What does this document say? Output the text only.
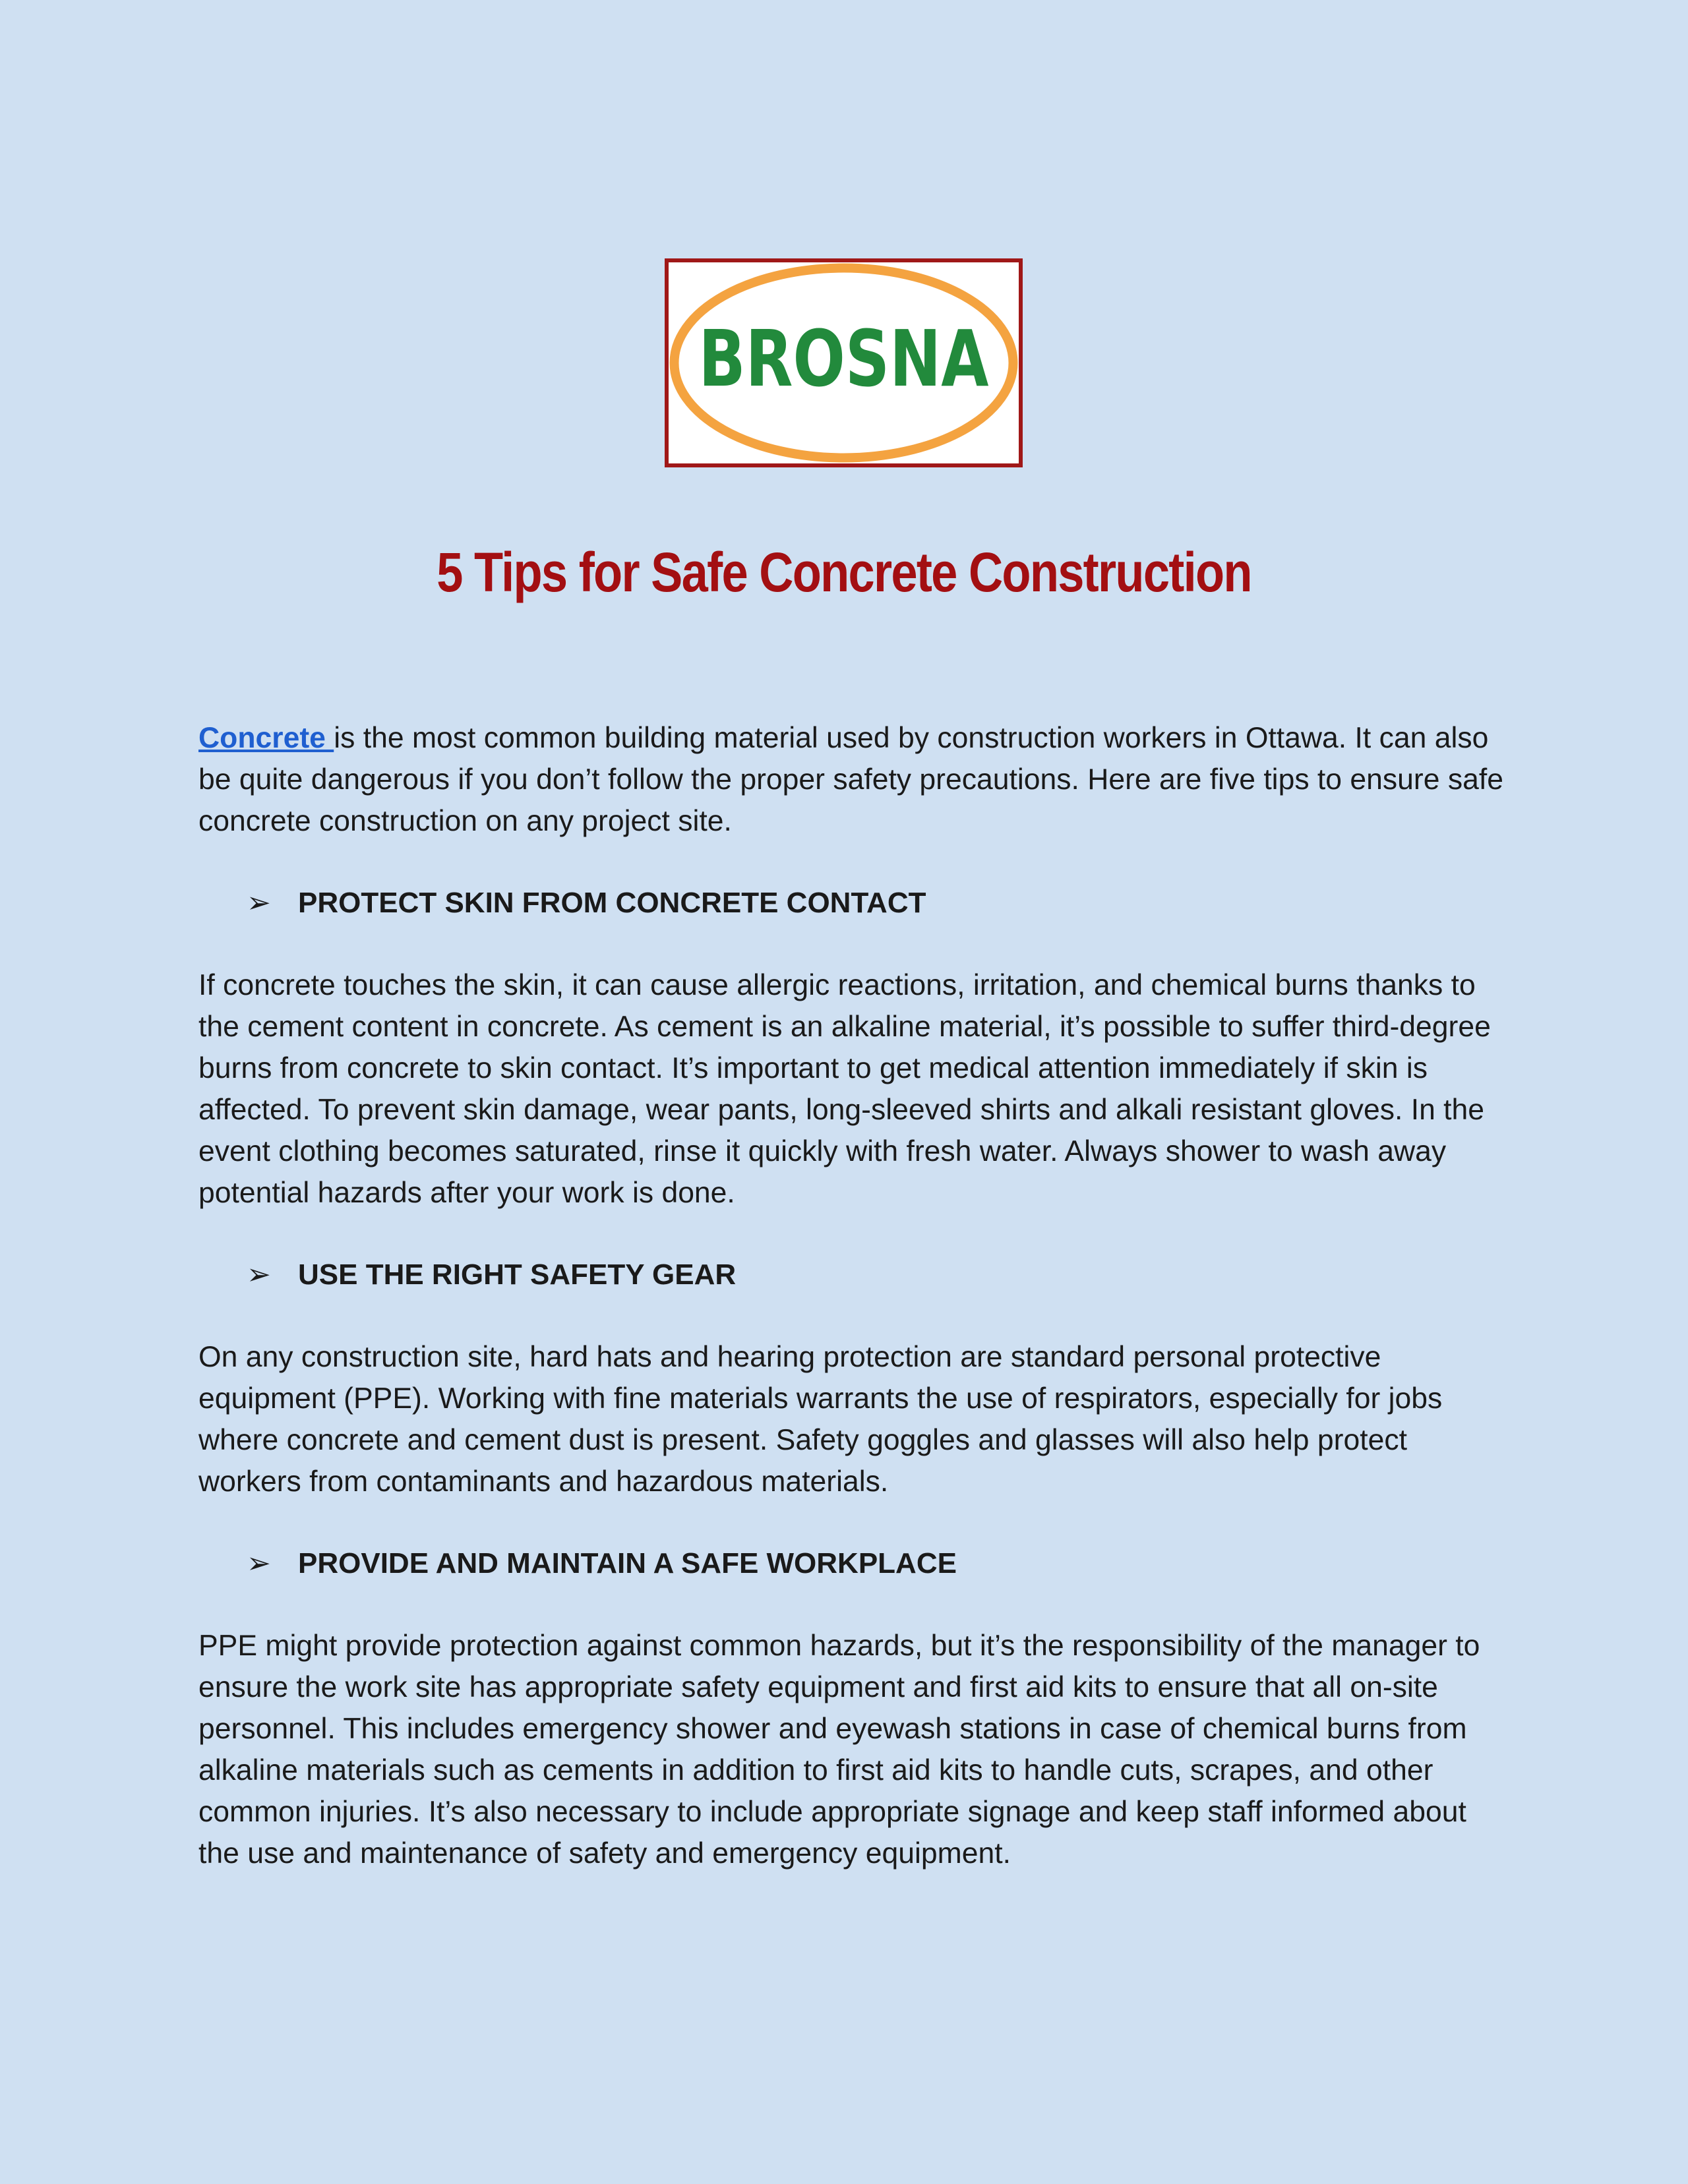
BROSNA
5 Tips for Safe Concrete Construction

Concrete is the most common building material used by construction workers in Ottawa. It can also be quite dangerous if you don’t follow the proper safety precautions. Here are five tips to ensure safe concrete construction on any project site.

➢ PROTECT SKIN FROM CONCRETE CONTACT

If concrete touches the skin, it can cause allergic reactions, irritation, and chemical burns thanks to the cement content in concrete. As cement is an alkaline material, it’s possible to suffer third-degree burns from concrete to skin contact. It’s important to get medical attention immediately if skin is affected. To prevent skin damage, wear pants, long-sleeved shirts and alkali resistant gloves. In the event clothing becomes saturated, rinse it quickly with fresh water. Always shower to wash away potential hazards after your work is done.

➢ USE THE RIGHT SAFETY GEAR

On any construction site, hard hats and hearing protection are standard personal protective equipment (PPE). Working with fine materials warrants the use of respirators, especially for jobs where concrete and cement dust is present. Safety goggles and glasses will also help protect workers from contaminants and hazardous materials.

➢ PROVIDE AND MAINTAIN A SAFE WORKPLACE

PPE might provide protection against common hazards, but it’s the responsibility of the manager to ensure the work site has appropriate safety equipment and first aid kits to ensure that all on-site personnel. This includes emergency shower and eyewash stations in case of chemical burns from alkaline materials such as cements in addition to first aid kits to handle cuts, scrapes, and other common injuries. It’s also necessary to include appropriate signage and keep staff informed about the use and maintenance of safety and emergency equipment.
